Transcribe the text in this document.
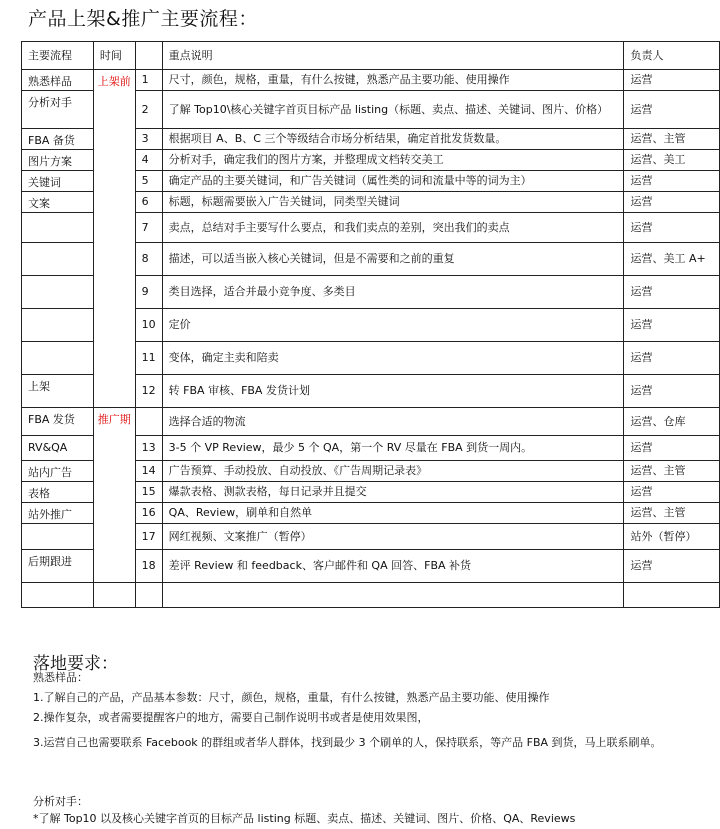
产品上架&推广主要流程：
主要流程	时间		重点说明	负责人
熟悉样品	上架前	1	尺寸，颜色，规格，重量，有什么按键，熟悉产品主要功能、使用操作	运营
分析对手		2	了解 Top10\核心关键字首页目标产品 listing（标题、卖点、描述、关键词、图片、价格）	运营
FBA 备货		3	根据项目 A、B、C 三个等级结合市场分析结果，确定首批发货数量。	运营、主管
图片方案		4	分析对手，确定我们的图片方案，并整理成文档转交美工	运营、美工
关键词		5	确定产品的主要关键词，和广告关键词（属性类的词和流量中等的词为主）	运营
文案		6	标题，标题需要嵌入广告关键词，同类型关键词	运营
		7	卖点，总结对手主要写什么要点，和我们卖点的差别，突出我们的卖点	运营
		8	描述，可以适当嵌入核心关键词，但是不需要和之前的重复	运营、美工 A+
		9	类目选择，适合并最小竞争度、多类目	运营
		10	定价	运营
		11	变体，确定主卖和陪卖	运营
上架		12	转 FBA 审核、FBA 发货计划	运营
FBA 发货	推广期		选择合适的物流	运营、仓库
RV&QA		13	3-5 个 VP Review，最少 5 个 QA，第一个 RV 尽量在 FBA 到货一周内。	运营
站内广告		14	广告预算、手动投放、自动投放、《广告周期记录表》	运营、主管
表格		15	爆款表格、测款表格，每日记录并且提交	运营
站外推广		16	QA、Review，刷单和自然单	运营、主管
		17	网红视频、文案推广（暂停）	站外（暂停）
后期跟进		18	差评 Review 和 feedback、客户邮件和 QA 回答、FBA 补货	运营

落地要求：
熟悉样品：
1.了解自己的产品，产品基本参数：尺寸，颜色，规格，重量，有什么按键，熟悉产品主要功能、使用操作
2.操作复杂，或者需要提醒客户的地方，需要自己制作说明书或者是使用效果图，
3.运营自己也需要联系 Facebook 的群组或者华人群体，找到最少 3 个刷单的人，保持联系，等产品 FBA 到货，马上联系刷单。
分析对手：
*了解 Top10 以及核心关键字首页的目标产品 listing 标题、卖点、描述、关键词、图片、价格、QA、Reviews
